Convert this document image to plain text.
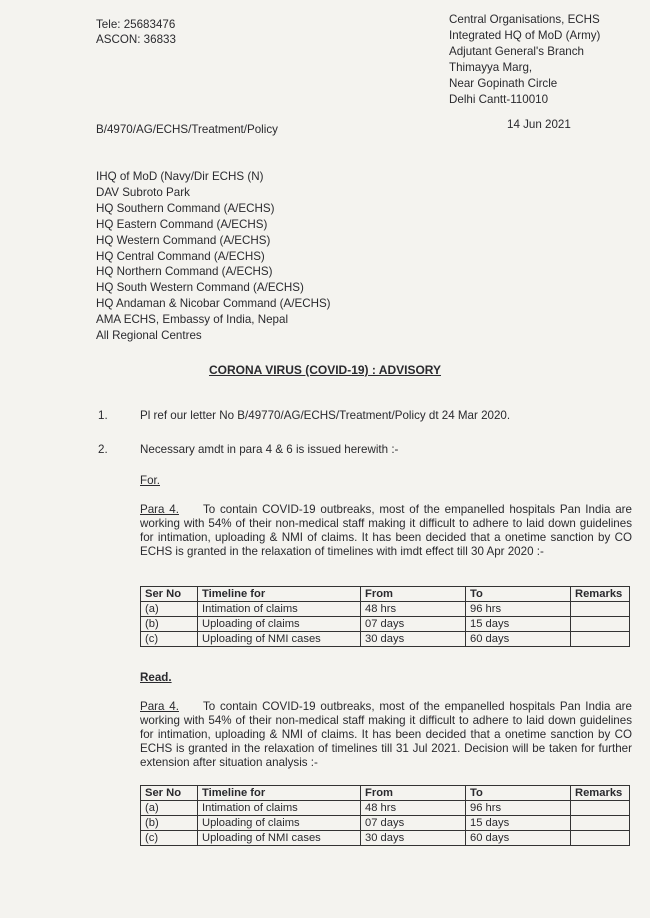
Tele: 25683476
ASCON: 36833
Central Organisations, ECHS
Integrated HQ of MoD (Army)
Adjutant General's Branch
Thimayya Marg,
Near Gopinath Circle
Delhi Cantt-110010
B/4970/AG/ECHS/Treatment/Policy	14 Jun 2021
IHQ of MoD (Navy/Dir ECHS (N)
DAV Subroto Park
HQ Southern Command (A/ECHS)
HQ Eastern Command (A/ECHS)
HQ Western Command (A/ECHS)
HQ Central Command (A/ECHS)
HQ Northern Command (A/ECHS)
HQ South Western Command (A/ECHS)
HQ Andaman & Nicobar Command (A/ECHS)
AMA ECHS, Embassy of India, Nepal
All Regional Centres
CORONA VIRUS (COVID-19) : ADVISORY
1.	Pl ref our letter No B/49770/AG/ECHS/Treatment/Policy dt 24 Mar 2020.
2.	Necessary amdt in para 4 & 6 is issued herewith :-
For.
Para 4. To contain COVID-19 outbreaks, most of the empanelled hospitals Pan India are working with 54% of their non-medical staff making it difficult to adhere to laid down guidelines for intimation, uploading & NMI of claims. It has been decided that a onetime sanction by CO ECHS is granted in the relaxation of timelines with imdt effect till 30 Apr 2020 :-
Ser No	Timeline for	From	To	Remarks
(a)	Intimation of claims	48 hrs	96 hrs	
(b)	Uploading of claims	07 days	15 days	
(c)	Uploading of NMI cases	30 days	60 days	
Read.
Para 4. To contain COVID-19 outbreaks, most of the empanelled hospitals Pan India are working with 54% of their non-medical staff making it difficult to adhere to laid down guidelines for intimation, uploading & NMI of claims. It has been decided that a onetime sanction by CO ECHS is granted in the relaxation of timelines till 31 Jul 2021. Decision will be taken for further extension after situation analysis :-
Ser No	Timeline for	From	To	Remarks
(a)	Intimation of claims	48 hrs	96 hrs	
(b)	Uploading of claims	07 days	15 days	
(c)	Uploading of NMI cases	30 days	60 days	
